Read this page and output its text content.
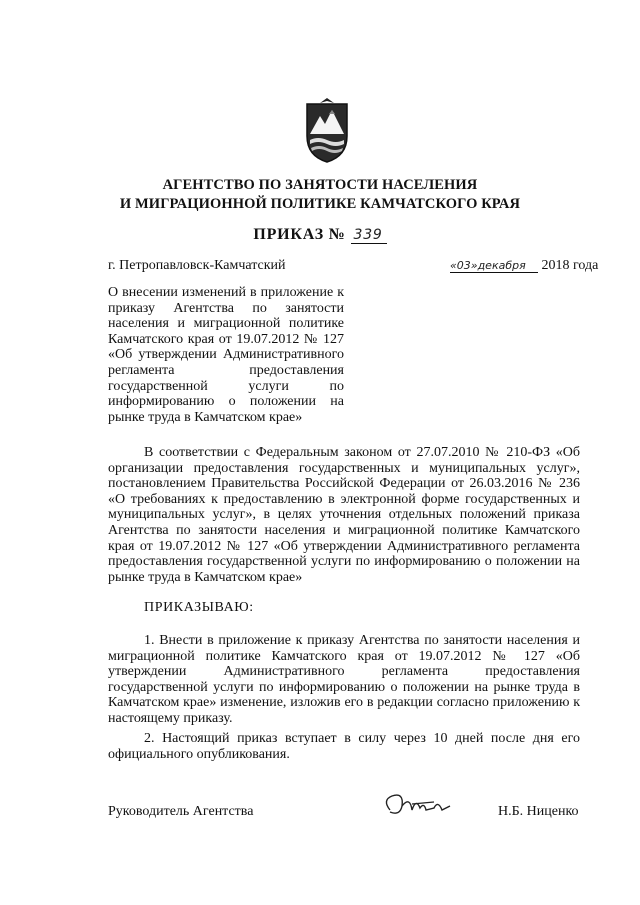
АГЕНТСТВО ПО ЗАНЯТОСТИ НАСЕЛЕНИЯ
И МИГРАЦИОННОЙ ПОЛИТИКЕ КАМЧАТСКОГО КРАЯ
ПРИКАЗ № 339
г. Петропавловск-Камчатский	«03»декабря 2018 года
О внесении изменений в приложение к приказу Агентства по занятости населения и миграционной политике Камчатского края от 19.07.2012 № 127 «Об утверждении Административного регламента предоставления государственной услуги по информированию о положении на рынке труда в Камчатском крае»

В соответствии с Федеральным законом от 27.07.2010 № 210-ФЗ «Об организации предоставления государственных и муниципальных услуг», постановлением Правительства Российской Федерации от 26.03.2016 № 236 «О требованиях к предоставлению в электронной форме государственных и муниципальных услуг», в целях уточнения отдельных положений приказа Агентства по занятости населения и миграционной политике Камчатского края от 19.07.2012 № 127 «Об утверждении Административного регламента предоставления государственной услуги по информированию о положении на рынке труда в Камчатском крае»

ПРИКАЗЫВАЮ:

1. Внести в приложение к приказу Агентства по занятости населения и миграционной политике Камчатского края от 19.07.2012 № 127 «Об утверждении Административного регламента предоставления государственной услуги по информированию о положении на рынке труда в Камчатском крае» изменение, изложив его в редакции согласно приложению к настоящему приказу.

2. Настоящий приказ вступает в силу через 10 дней после дня его официального опубликования.

Руководитель Агентства	Н.Б. Ниценко
